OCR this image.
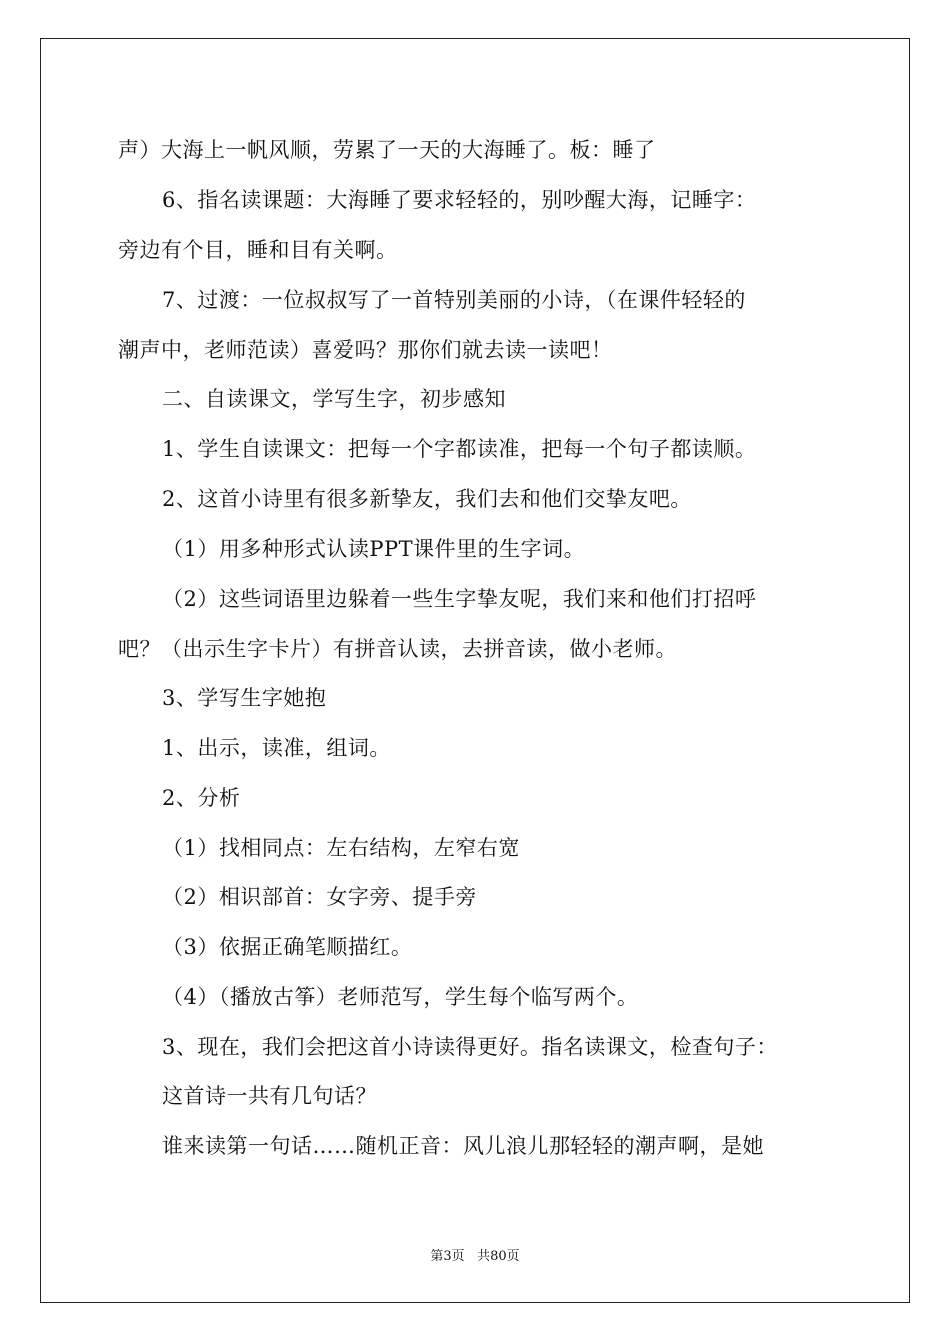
声）大海上一帆风顺，劳累了一天的大海睡了。板：睡了

6、指名读课题：大海睡了要求轻轻的，别吵醒大海，记睡字：

旁边有个目，睡和目有关啊。

7、过渡：一位叔叔写了一首特别美丽的小诗，（在课件轻轻的

潮声中，老师范读）喜爱吗？那你们就去读一读吧！

二、自读课文，学写生字，初步感知

1、学生自读课文：把每一个字都读准，把每一个句子都读顺。

2、这首小诗里有很多新挚友，我们去和他们交挚友吧。

（1）用多种形式认读PPT课件里的生字词。

（2）这些词语里边躲着一些生字挚友呢，我们来和他们打招呼

吧？（出示生字卡片）有拼音认读，去拼音读，做小老师。

3、学写生字她抱

1、出示，读准，组词。

2、分析

（1）找相同点：左右结构，左窄右宽

（2）相识部首：女字旁、提手旁

（3）依据正确笔顺描红。

（4）（播放古筝）老师范写，学生每个临写两个。

3、现在，我们会把这首小诗读得更好。指名读课文，检查句子：

这首诗一共有几句话？

谁来读第一句话……随机正音：风儿浪儿那轻轻的潮声啊，是她

第3页 共80页
